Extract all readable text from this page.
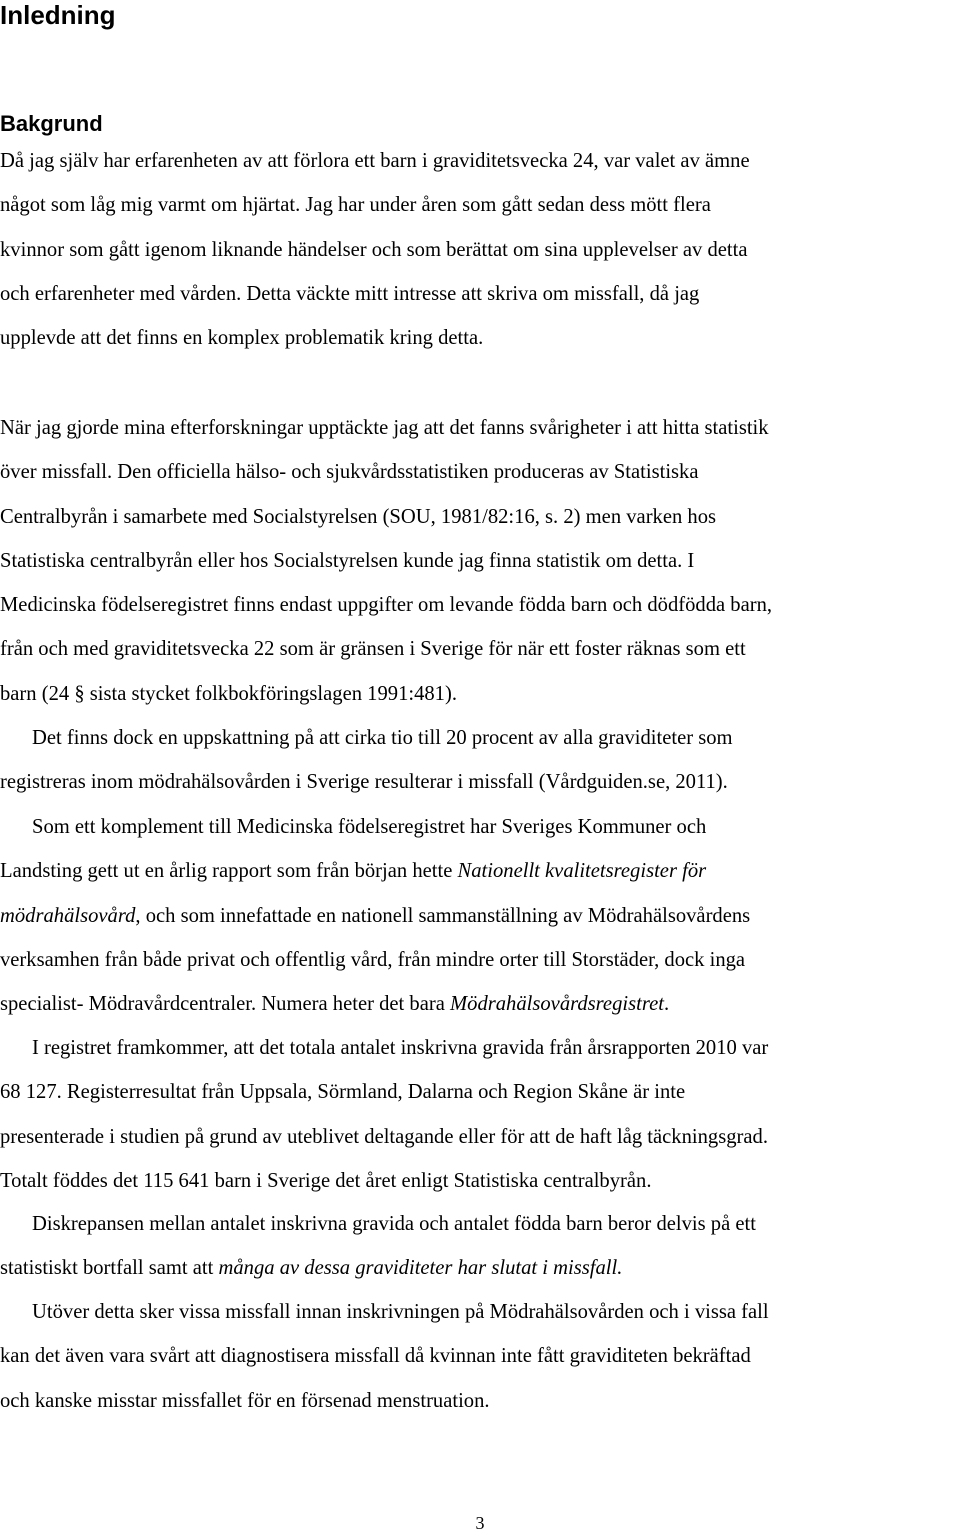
Inledning
Bakgrund
Då jag själv har erfarenheten av att förlora ett barn i graviditetsvecka 24, var valet av ämne
något som låg mig varmt om hjärtat. Jag har under åren som gått sedan dess mött flera
kvinnor som gått igenom liknande händelser och som berättat om sina upplevelser av detta
och erfarenheter med vården. Detta väckte mitt intresse att skriva om missfall, då jag
upplevde att det finns en komplex problematik kring detta.
När jag gjorde mina efterforskningar upptäckte jag att det fanns svårigheter i att hitta statistik
över missfall. Den officiella hälso- och sjukvårdsstatistiken produceras av Statistiska
Centralbyrån i samarbete med Socialstyrelsen (SOU, 1981/82:16, s. 2) men varken hos
Statistiska centralbyrån eller hos Socialstyrelsen kunde jag finna statistik om detta. I
Medicinska födelseregistret finns endast uppgifter om levande födda barn och dödfödda barn,
från och med graviditetsvecka 22 som är gränsen i Sverige för när ett foster räknas som ett
barn (24 § sista stycket folkbokföringslagen 1991:481).
Det finns dock en uppskattning på att cirka tio till 20 procent av alla graviditeter som
registreras inom mödrahälsovården i Sverige resulterar i missfall (Vårdguiden.se, 2011).
Som ett komplement till Medicinska födelseregistret har Sveriges Kommuner och
Landsting gett ut en årlig rapport som från början hette Nationellt kvalitetsregister för
mödrahälsovård, och som innefattade en nationell sammanställning av Mödrahälsovårdens
verksamhen från både privat och offentlig vård, från mindre orter till Storstäder, dock inga
specialist- Mödravårdcentraler. Numera heter det bara Mödrahälsovårdsregistret.
I registret framkommer, att det totala antalet inskrivna gravida från årsrapporten 2010 var
68 127. Registerresultat från Uppsala, Sörmland, Dalarna och Region Skåne är inte
presenterade i studien på grund av uteblivet deltagande eller för att de haft låg täckningsgrad.
Totalt föddes det 115 641 barn i Sverige det året enligt Statistiska centralbyrån.
Diskrepansen mellan antalet inskrivna gravida och antalet födda barn beror delvis på ett
statistiskt bortfall samt att många av dessa graviditeter har slutat i missfall.
Utöver detta sker vissa missfall innan inskrivningen på Mödrahälsovården och i vissa fall
kan det även vara svårt att diagnostisera missfall då kvinnan inte fått graviditeten bekräftad
och kanske misstar missfallet för en försenad menstruation.
3
